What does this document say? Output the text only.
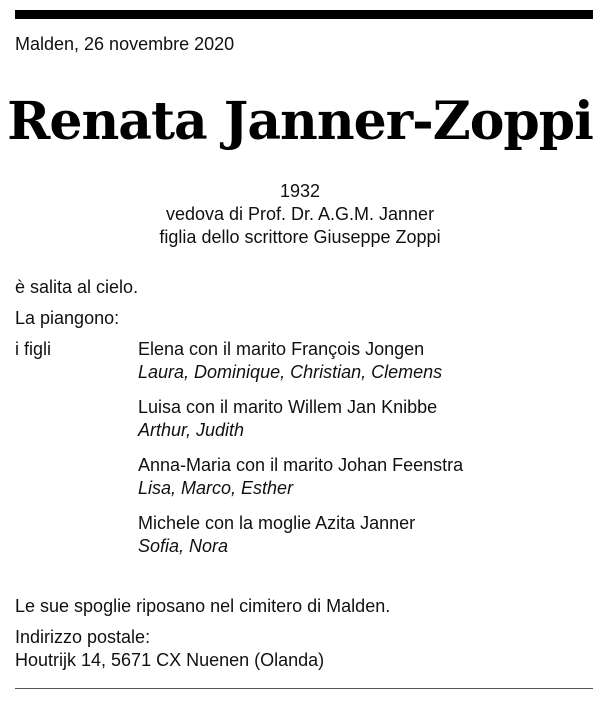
Malden, 26 novembre 2020
Renata Janner-Zoppi
1932
vedova di Prof. Dr. A.G.M. Janner
figlia dello scrittore Giuseppe Zoppi
è salita al cielo.
La piangono:
i figli	Elena con il marito François Jongen
Laura, Dominique, Christian, Clemens
Luisa con il marito Willem Jan Knibbe
Arthur, Judith
Anna-Maria con il marito Johan Feenstra
Lisa, Marco, Esther
Michele con la moglie Azita Janner
Sofia, Nora
Le sue spoglie riposano nel cimitero di Malden.
Indirizzo postale:
Houtrijk 14, 5671 CX Nuenen (Olanda)
